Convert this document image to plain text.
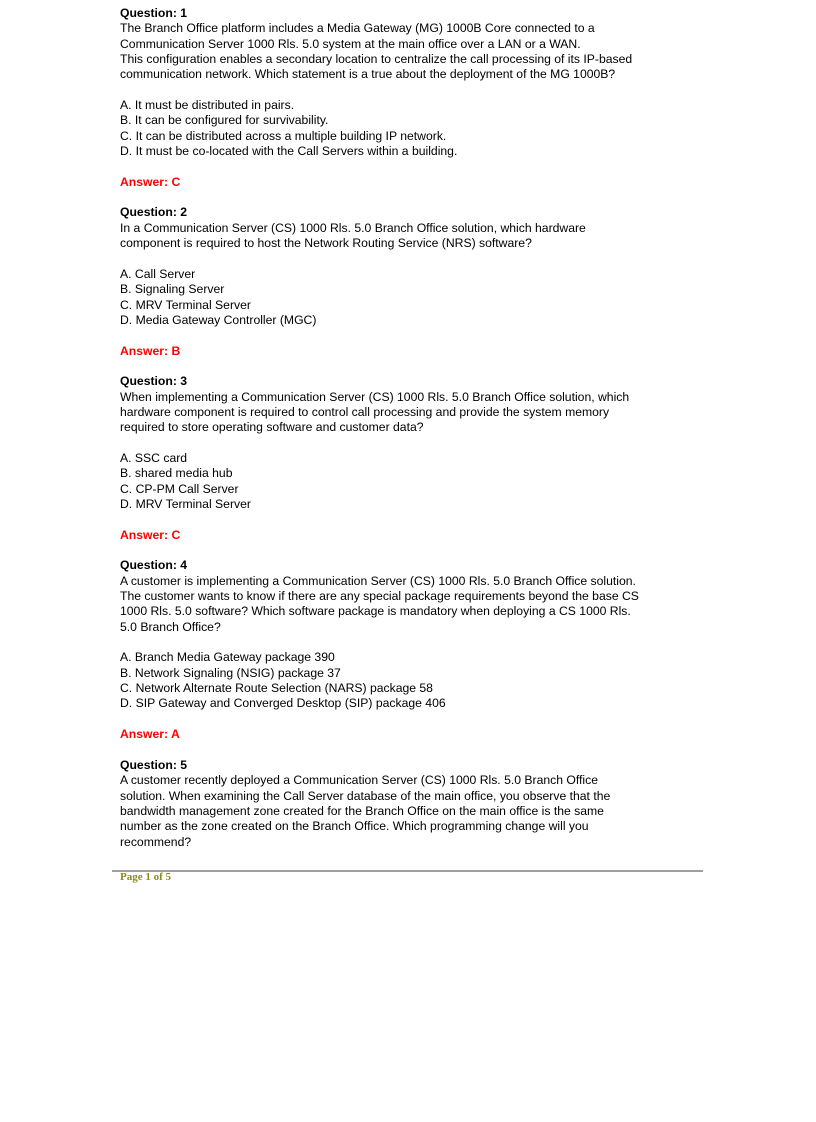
Question: 1
The Branch Office platform includes a Media Gateway (MG) 1000B Core connected to a
Communication Server 1000 Rls. 5.0 system at the main office over a LAN or a WAN.
This configuration enables a secondary location to centralize the call processing of its IP-based
communication network. Which statement is a true about the deployment of the MG 1000B?
A. It must be distributed in pairs.
B. It can be configured for survivability.
C. It can be distributed across a multiple building IP network.
D. It must be co-located with the Call Servers within a building.
Answer: C
Question: 2
In a Communication Server (CS) 1000 Rls. 5.0 Branch Office solution, which hardware
component is required to host the Network Routing Service (NRS) software?
A. Call Server
B. Signaling Server
C. MRV Terminal Server
D. Media Gateway Controller (MGC)
Answer: B
Question: 3
When implementing a Communication Server (CS) 1000 Rls. 5.0 Branch Office solution, which
hardware component is required to control call processing and provide the system memory
required to store operating software and customer data?
A. SSC card
B. shared media hub
C. CP-PM Call Server
D. MRV Terminal Server
Answer: C
Question: 4
A customer is implementing a Communication Server (CS) 1000 Rls. 5.0 Branch Office solution.
The customer wants to know if there are any special package requirements beyond the base CS
1000 Rls. 5.0 software? Which software package is mandatory when deploying a CS 1000 Rls.
5.0 Branch Office?
A. Branch Media Gateway package 390
B. Network Signaling (NSIG) package 37
C. Network Alternate Route Selection (NARS) package 58
D. SIP Gateway and Converged Desktop (SIP) package 406
Answer: A
Question: 5
A customer recently deployed a Communication Server (CS) 1000 Rls. 5.0 Branch Office
solution. When examining the Call Server database of the main office, you observe that the
bandwidth management zone created for the Branch Office on the main office is the same
number as the zone created on the Branch Office. Which programming change will you
recommend?
Page 1 of 5
